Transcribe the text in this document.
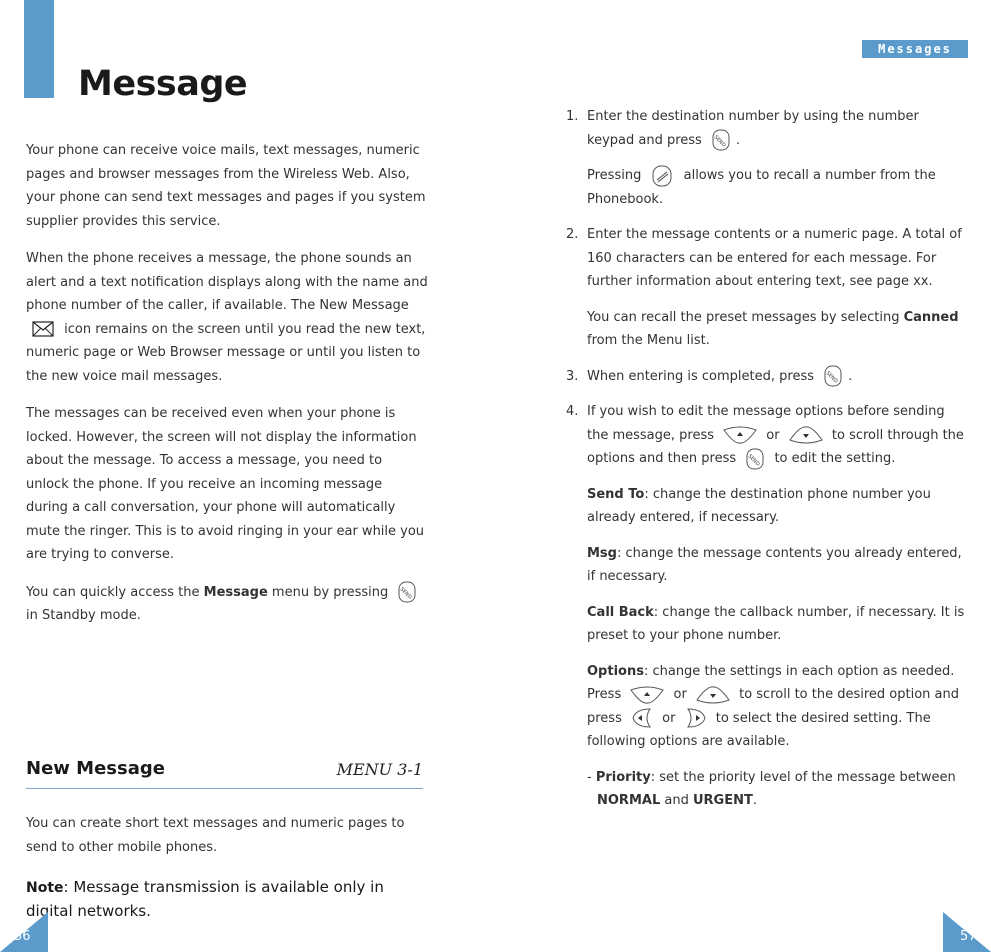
Message
Messages

Your phone can receive voice mails, text messages, numeric pages and browser messages from the Wireless Web. Also, your phone can send text messages and pages if you system supplier provides this service.

When the phone receives a message, the phone sounds an alert and a text notification displays along with the name and phone number of the caller, if available. The New Message  icon remains on the screen until you read the new text, numeric page or Web Browser message or until you listen to the new voice mail messages.

The messages can be received even when your phone is locked. However, the screen will not display the information about the message. To access a message, you need to unlock the phone. If you receive an incoming message during a call conversation, your phone will automatically mute the ringer. This is to avoid ringing in your ear while you are trying to converse.

You can quickly access the Message menu by pressing SEND
in Standby mode.

New Message	MENU 3-1
You can create short text messages and numeric pages to send to other mobile phones.
Note: Message transmission is available only in digital networks.
1. Enter the destination number by using the number keypad and press SEND .

Pressing	allows you to recall a number from the Phonebook.

2. Enter the message contents or a numeric page. A total of 160 characters can be entered for each message. For further information about entering text, see page xx.

You can recall the preset messages by selecting Canned from the Menu list.

3. When entering is completed, press SEND .

4. If you wish to edit the message options before sending the message, press	or	to scroll through the options and then press SEND to edit the setting.

Send To: change the destination phone number you already entered, if necessary.

Msg: change the message contents you already entered, if necessary.

Call Back: change the callback number, if necessary. It is preset to your phone number.

Options: change the settings in each option as needed. Press	or	to scroll to the desired option and press	or	to select the desired setting. The following options are available.

- Priority: set the priority level of the message between NORMAL and URGENT.

56	57
